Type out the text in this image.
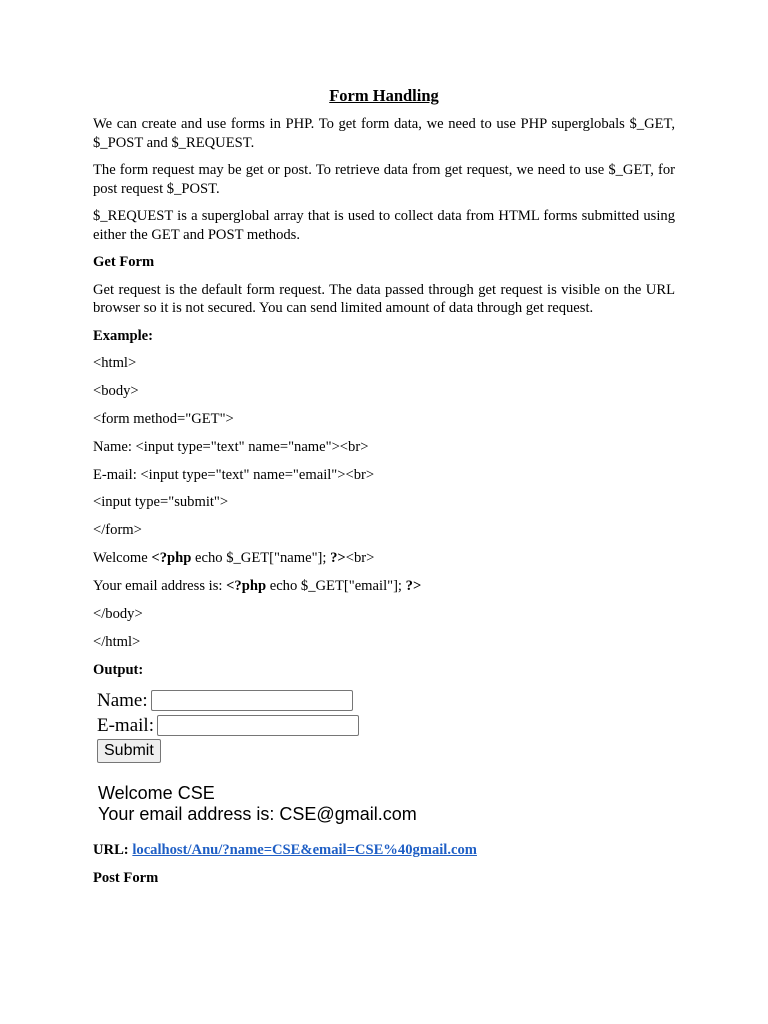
Form Handling
We can create and use forms in PHP. To get form data, we need to use PHP superglobals $_GET, $_POST and $_REQUEST.
The form request may be get or post. To retrieve data from get request, we need to use $_GET, for post request $_POST.
$_REQUEST is a superglobal array that is used to collect data from HTML forms submitted using either the GET and POST methods.
Get Form
Get request is the default form request. The data passed through get request is visible on the URL browser so it is not secured. You can send limited amount of data through get request.
Example:
<html>
<body>
<form method="GET">
Name: <input type="text" name="name"><br>
E-mail: <input type="text" name="email"><br>
<input type="submit">
</form>
Welcome <?php echo $_GET["name"]; ?><br>
Your email address is: <?php echo $_GET["email"]; ?>
</body>
</html>
Output:
Name:
E-mail:
Submit
Welcome CSE
Your email address is: CSE@gmail.com
URL: localhost/Anu/?name=CSE&email=CSE%40gmail.com
Post Form
